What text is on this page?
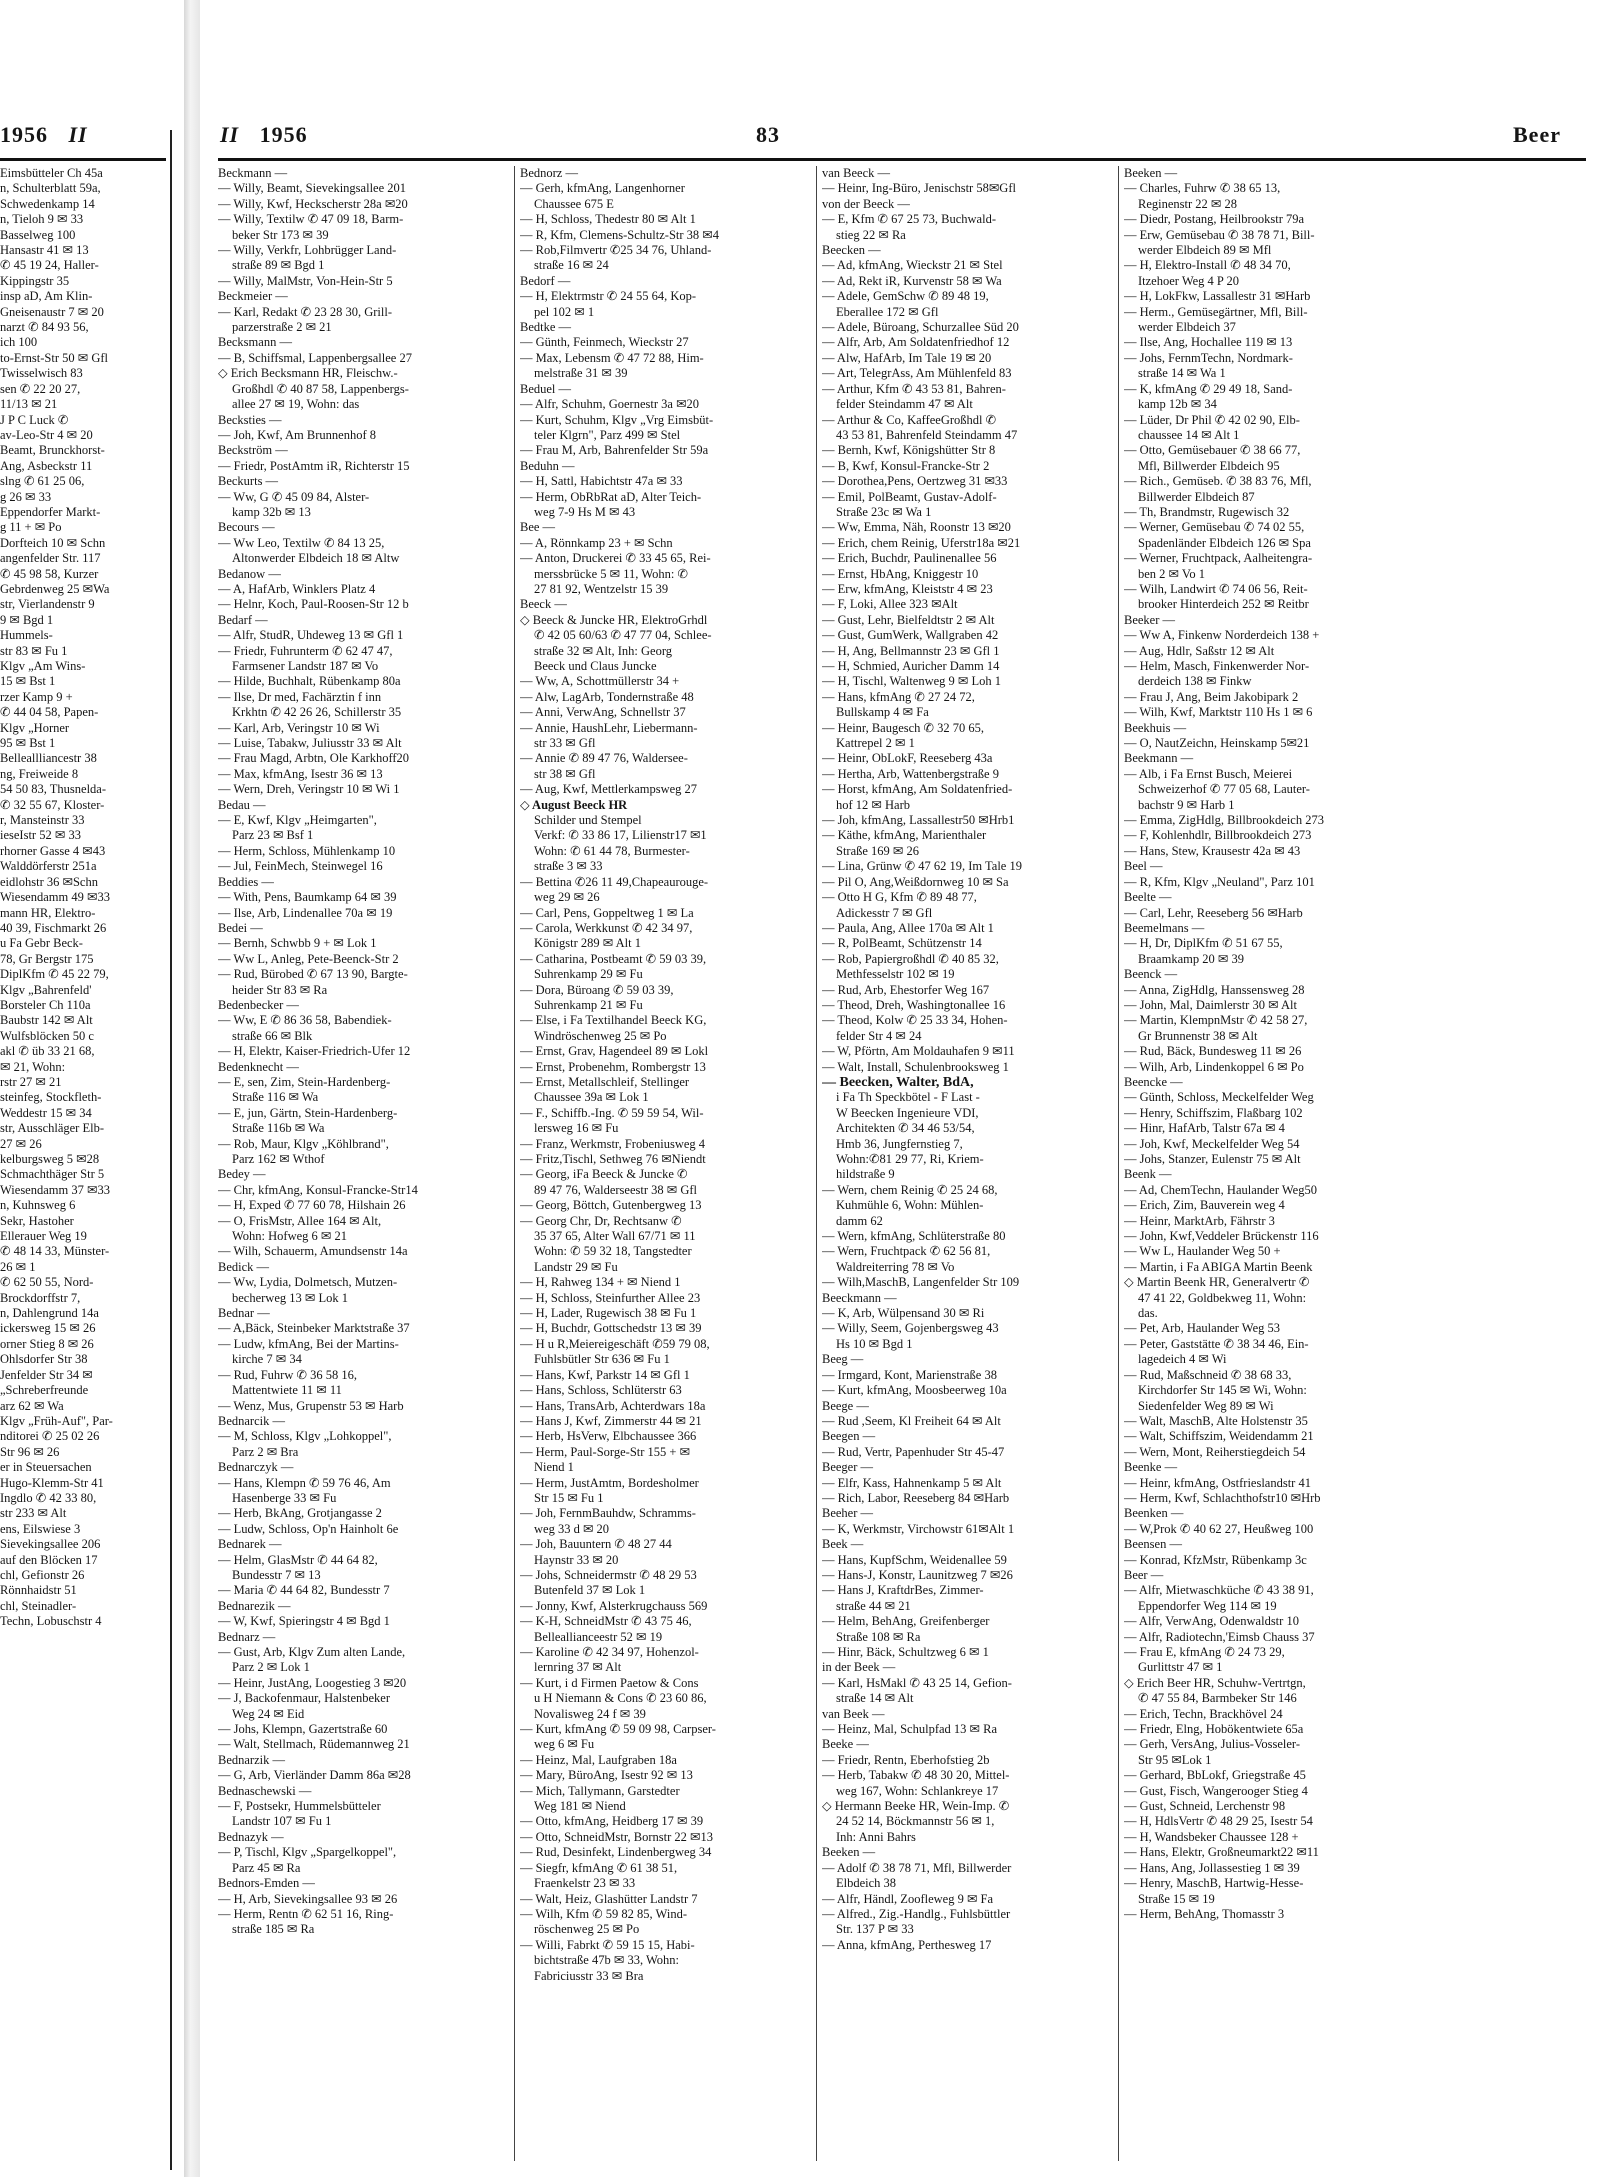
1956 II
Eimsbütteler Ch 45a
n, Schulterblatt 59a,
Schwedenkamp 14
n, Tieloh 9 ✉ 33
Basselweg 100
Hansastr 41 ✉ 13
✆ 45 19 24, Haller-
Kippingstr 35
insp aD, Am Klin-
Gneisenaustr 7 ✉ 20
narzt ✆ 84 93 56,
ich 100
to-Ernst-Str 50 ✉ Gfl
Twisselwisch 83
sen ✆ 22 20 27,
11/13 ✉ 21
J P C Luck ✆
av-Leo-Str 4 ✉ 20
Beamt, Brunckhorst-
Ang, Asbeckstr 11
slng ✆ 61 25 06,
g 26 ✉ 33
Eppendorfer Markt-
g 11 + ✉ Po
Dorfteich 10 ✉ Schn
angenfelder Str. 117
✆ 45 98 58, Kurzer
Gebrdenweg 25 ✉Wa
str, Vierlandenstr 9
9 ✉ Bgd 1
Hummels-
str 83 ✉ Fu 1
Klgv „Am Wins-
15 ✉ Bst 1
rzer Kamp 9 +
✆ 44 04 58, Papen-
Klgv „Horner
95 ✉ Bst 1
Belleallliancestr 38
ng, Freiweide 8
54 50 83, Thusnelda-
✆ 32 55 67, Kloster-
r, Mansteinstr 33
ieseIstr 52 ✉ 33
rhorner Gasse 4 ✉43
Walddörferstr 251a
eidlohstr 36 ✉Schn
Wiesendamm 49 ✉33
mann HR, Elektro-
40 39, Fischmarkt 26
u Fa Gebr Beck-
78, Gr Bergstr 175
DiplKfm ✆ 45 22 79,
Klgv „Bahrenfeld'
Borsteler Ch 110a
Baubstr 142 ✉ Alt
Wulfsblöcken 50 c
akl ✆ üb 33 21 68,
✉ 21, Wohn:
rstr 27 ✉ 21
steinfeg, Stockfleth-
Weddestr 15 ✉ 34
str, Ausschläger Elb-
27 ✉ 26
kelburgsweg 5 ✉28
Schmachthäger Str 5
Wiesendamm 37 ✉33
n, Kuhnsweg 6
Sekr, Hastoher
Ellerauer Weg 19
✆ 48 14 33, Münster-
26 ✉ 1
✆ 62 50 55, Nord-
Brockdorffstr 7,
n, Dahlengrund 14a
ickersweg 15 ✉ 26
orner Stieg 8 ✉ 26
Ohlsdorfer Str 38
Jenfelder Str 34 ✉
„Schreberfreunde
arz 62 ✉ Wa
Klgv „Früh-Auf", Par-
nditorei ✆ 25 02 26
Str 96 ✉ 26
er in Steuersachen
Hugo-Klemm-Str 41
Ingdlo ✆ 42 33 80,
str 233 ✉ Alt
ens, Eilswiese 3
Sievekingsallee 206
auf den Blöcken 17
chl, Gefionstr 26
Rönnhaidstr 51
chl, Steinadler-
Techn, Lobuschstr 4
II 1956	83	Beer
Beckmann —
— Willy, Beamt, Sievekingsallee 201
— Willy, Kwf, Heckscherstr 28a ✉20
— Willy, Textilw ✆ 47 09 18, Barm-
beker Str 173 ✉ 39
— Willy, Verkfr, Lohbrügger Land-
straße 89 ✉ Bgd 1
— Willy, MalMstr, Von-Hein-Str 5
Beckmeier —
— Karl, Redakt ✆ 23 28 30, Grill-
parzerstraße 2 ✉ 21
Becksmann —
— B, Schiffsmal, Lappenbergsallee 27
◇ Erich Becksmann HR, Fleischw.-
Großhdl ✆ 40 87 58, Lappenbergs-
allee 27 ✉ 19, Wohn: das
Becksties —
— Joh, Kwf, Am Brunnenhof 8
Beckström —
— Friedr, PostAmtm iR, Richterstr 15
Beckurts —
— Ww, G ✆ 45 09 84, Alster-
kamp 32b ✉ 13
Becours —
— Ww Leo, Textilw ✆ 84 13 25,
Altonwerder Elbdeich 18 ✉ Altw
Bedanow —
— A, HafArb, Winklers Platz 4
— Helnr, Koch, Paul-Roosen-Str 12 b
Bedarf —
— Alfr, StudR, Uhdeweg 13 ✉ Gfl 1
— Friedr, Fuhrunterm ✆ 62 47 47,
Farmsener Landstr 187 ✉ Vo
— Hilde, Buchhalt, Rübenkamp 80a
— Ilse, Dr med, Fachärztin f inn
Krkhtn ✆ 42 26 26, Schillerstr 35
— Karl, Arb, Veringstr 10 ✉ Wi
— Luise, Tabakw, Juliusstr 33 ✉ Alt
— Frau Magd, Arbtn, Ole Karkhoff20
— Max, kfmAng, Isestr 36 ✉ 13
— Wern, Dreh, Veringstr 10 ✉ Wi 1
Bedau —
— E, Kwf, Klgv „Heimgarten",
Parz 23 ✉ Bsf 1
— Herm, Schloss, Mühlenkamp 10
— Jul, FeinMech, Steinwegel 16
Beddies —
— With, Pens, Baumkamp 64 ✉ 39
— Ilse, Arb, Lindenallee 70a ✉ 19
Bedei —
— Bernh, Schwbb 9 + ✉ Lok 1
— Ww L, Anleg, Pete-Beenck-Str 2
— Rud, Bürobed ✆ 67 13 90, Bargte-
heider Str 83 ✉ Ra
Bedenbecker —
— Ww, E ✆ 86 36 58, Babendiek-
straße 66 ✉ Blk
— H, Elektr, Kaiser-Friedrich-Ufer 12
Bedenknecht —
— E, sen, Zim, Stein-Hardenberg-
Straße 116 ✉ Wa
— E, jun, Gärtn, Stein-Hardenberg-
Straße 116b ✉ Wa
— Rob, Maur, Klgv „Köhlbrand",
Parz 162 ✉ Wthof
Bedey —
— Chr, kfmAng, Konsul-Francke-Str14
— H, Exped ✆ 77 60 78, Hilshain 26
— O, FrisMstr, Allee 164 ✉ Alt,
Wohn: Hofweg 6 ✉ 21
— Wilh, Schauerm, Amundsenstr 14a
Bedick —
— Ww, Lydia, Dolmetsch, Mutzen-
becherweg 13 ✉ Lok 1
Bednar —
— A,Bäck, Steinbeker Marktstraße 37
— Ludw, kfmAng, Bei der Martins-
kirche 7 ✉ 34
— Rud, Fuhrw ✆ 36 58 16,
Mattentwiete 11 ✉ 11
— Wenz, Mus, Grupenstr 53 ✉ Harb
Bednarcik —
— M, Schloss, Klgv „Lohkoppel",
Parz 2 ✉ Bra
Bednarczyk —
— Hans, Klempn ✆ 59 76 46, Am
Hasenberge 33 ✉ Fu
— Herb, BkAng, Grotjangasse 2
— Ludw, Schloss, Op'n Hainholt 6e
Bednarek —
— Helm, GlasMstr ✆ 44 64 82,
Bundesstr 7 ✉ 13
— Maria ✆ 44 64 82, Bundesstr 7
Bednarezik —
— W, Kwf, Spieringstr 4 ✉ Bgd 1
Bednarz —
— Gust, Arb, Klgv Zum alten Lande,
Parz 2 ✉ Lok 1
— Heinr, JustAng, Loogestieg 3 ✉20
— J, Backofenmaur, Halstenbeker
Weg 24 ✉ Eid
— Johs, Klempn, Gazertstraße 60
— Walt, Stellmach, Rüdemannweg 21
Bednarzik —
— G, Arb, Vierländer Damm 86a ✉28
Bednaschewski —
— F, Postsekr, Hummelsbütteler
Landstr 107 ✉ Fu 1
Bednazyk —
— P, Tischl, Klgv „Spargelkoppel",
Parz 45 ✉ Ra
Bednors-Emden —
— H, Arb, Sievekingsallee 93 ✉ 26
— Herm, Rentn ✆ 62 51 16, Ring-
straße 185 ✉ Ra
Bednorz —
— Gerh, kfmAng, Langenhorner
Chaussee 675 E
— H, Schloss, Thedestr 80 ✉ Alt 1
— R, Kfm, Clemens-Schultz-Str 38 ✉4
— Rob,Filmvertr ✆25 34 76, Uhland-
straße 16 ✉ 24
Bedorf —
— H, Elektrmstr ✆ 24 55 64, Kop-
pel 102 ✉ 1
Bedtke —
— Günth, Feinmech, Wieckstr 27
— Max, Lebensm ✆ 47 72 88, Him-
melstraße 31 ✉ 39
Beduel —
— Alfr, Schuhm, Goernestr 3a ✉20
— Kurt, Schuhm, Klgv „Vrg Eimsbüt-
teler Klgrn", Parz 499 ✉ Stel
— Frau M, Arb, Bahrenfelder Str 59a
Beduhn —
— H, Sattl, Habichtstr 47a ✉ 33
— Herm, ObRbRat aD, Alter Teich-
weg 7-9 Hs M ✉ 43
Bee —
— A, Rönnkamp 23 + ✉ Schn
— Anton, Druckerei ✆ 33 45 65, Rei-
merssbrücke 5 ✉ 11, Wohn: ✆
27 81 92, Wentzelstr 15 39
Beeck —
◇ Beeck & Juncke HR, ElektroGrhdl
✆ 42 05 60/63 ✆ 47 77 04, Schlee-
straße 32 ✉ Alt, Inh: Georg
Beeck und Claus Juncke
— Ww, A, Schottmüllerstr 34 +
— Alw, LagArb, Tondernstraße 48
— Anni, VerwAng, Schnellstr 37
— Annie, HaushLehr, Liebermann-
str 33 ✉ Gfl
— Annie ✆ 89 47 76, Waldersee-
str 38 ✉ Gfl
— Aug, Kwf, Mettlerkampsweg 27
◇ August Beeck HR
Schilder und Stempel
Verkf: ✆ 33 86 17, Lilienstr17 ✉1
Wohn: ✆ 61 44 78, Burmester-
straße 3 ✉ 33
— Bettina ✆26 11 49,Chapeaurouge-
weg 29 ✉ 26
— Carl, Pens, Goppeltweg 1 ✉ La
— Carola, Werkkunst ✆ 42 34 97,
Königstr 289 ✉ Alt 1
— Catharina, Postbeamt ✆ 59 03 39,
Suhrenkamp 29 ✉ Fu
— Dora, Büroang ✆ 59 03 39,
Suhrenkamp 21 ✉ Fu
— Else, i Fa Textilhandel Beeck KG,
Windröschenweg 25 ✉ Po
— Ernst, Grav, Hagendeel 89 ✉ Lokl
— Ernst, Probenehm, Rombergstr 13
— Ernst, Metallschleif, Stellinger
Chaussee 39a ✉ Lok 1
— F., Schiffb.-Ing. ✆ 59 59 54, Wil-
lersweg 16 ✉ Fu
— Franz, Werkmstr, Frobeniusweg 4
— Fritz,Tischl, Sethweg 76 ✉Niendt
— Georg, iFa Beeck & Juncke ✆
89 47 76, Walderseestr 38 ✉ Gfl
— Georg, Böttch, Gutenbergweg 13
— Georg Chr, Dr, Rechtsanw ✆
35 37 65, Alter Wall 67/71 ✉ 11
Wohn: ✆ 59 32 18, Tangstedter
Landstr 29 ✉ Fu
— H, Rahweg 134 + ✉ Niend 1
— H, Schloss, Steinfurther Allee 23
— H, Lader, Rugewisch 38 ✉ Fu 1
— H, Buchdr, Gottschedstr 13 ✉ 39
— H u R,Meiereigeschäft ✆59 79 08,
Fuhlsbütler Str 636 ✉ Fu 1
— Hans, Kwf, Parkstr 14 ✉ Gfl 1
— Hans, Schloss, Schlüterstr 63
— Hans, TransArb, Achterdwars 18a
— Hans J, Kwf, Zimmerstr 44 ✉ 21
— Herb, HsVerw, Elbchaussee 366
— Herm, Paul-Sorge-Str 155 + ✉
Niend 1
— Herm, JustAmtm, Bordesholmer
Str 15 ✉ Fu 1
— Joh, FernmBauhdw, Schramms-
weg 33 d ✉ 20
— Joh, Bauuntern ✆ 48 27 44
Haynstr 33 ✉ 20
— Johs, Schneidermstr ✆ 48 29 53
Butenfeld 37 ✉ Lok 1
— Jonny, Kwf, Alsterkrugchauss 569
— K-H, SchneidMstr ✆ 43 75 46,
Belleallianceestr 52 ✉ 19
— Karoline ✆ 42 34 97, Hohenzol-
lernring 37 ✉ Alt
— Kurt, i d Firmen Paetow & Cons
u H Niemann & Cons ✆ 23 60 86,
Novalisweg 24 f ✉ 39
— Kurt, kfmAng ✆ 59 09 98, Carpser-
weg 6 ✉ Fu
— Heinz, Mal, Laufgraben 18a
— Mary, BüroAng, Isestr 92 ✉ 13
— Mich, Tallymann, Garstedter
Weg 181 ✉ Niend
— Otto, kfmAng, Heidberg 17 ✉ 39
— Otto, SchneidMstr, Bornstr 22 ✉13
— Rud, Desinfekt, Lindenbergweg 34
— Siegfr, kfmAng ✆ 61 38 51,
Fraenkelstr 23 ✉ 33
— Walt, Heiz, Glashütter Landstr 7
— Wilh, Kfm ✆ 59 82 85, Wind-
röschenweg 25 ✉ Po
— Willi, Fabrkt ✆ 59 15 15, Habi-
bichtstraße 47b ✉ 33, Wohn:
Fabriciusstr 33 ✉ Bra
van Beeck —
— Heinr, Ing-Büro, Jenischstr 58✉Gfl
von der Beeck —
— E, Kfm ✆ 67 25 73, Buchwald-
stieg 22 ✉ Ra
Beecken —
— Ad, kfmAng, Wieckstr 21 ✉ Stel
— Ad, Rekt iR, Kurvenstr 58 ✉ Wa
— Adele, GemSchw ✆ 89 48 19,
Eberallee 172 ✉ Gfl
— Adele, Büroang, Schurzallee Süd 20
— Alfr, Arb, Am Soldatenfriedhof 12
— Alw, HafArb, Im Tale 19 ✉ 20
— Art, TelegrAss, Am Mühlenfeld 83
— Arthur, Kfm ✆ 43 53 81, Bahren-
felder Steindamm 47 ✉ Alt
— Arthur & Co, KaffeeGroßhdl ✆
43 53 81, Bahrenfeld Steindamm 47
— Bernh, Kwf, Königshütter Str 8
— B, Kwf, Konsul-Francke-Str 2
— Dorothea,Pens, Oertzweg 31 ✉33
— Emil, PolBeamt, Gustav-Adolf-
Straße 23c ✉ Wa 1
— Ww, Emma, Näh, Roonstr 13 ✉20
— Erich, chem Reinig, Uferstr18a ✉21
— Erich, Buchdr, Paulinenallee 56
— Ernst, HbAng, Kniggestr 10
— Erw, kfmAng, Kleiststr 4 ✉ 23
— F, Loki, Allee 323 ✉Alt
— Gust, Lehr, Bielfeldtstr 2 ✉ Alt
— Gust, GumWerk, Wallgraben 42
— H, Ang, Bellmannstr 23 ✉ Gfl 1
— H, Schmied, Auricher Damm 14
— H, Tischl, Waltenweg 9 ✉ Loh 1
— Hans, kfmAng ✆ 27 24 72,
Bullskamp 4 ✉ Fa
— Heinr, Baugesch ✆ 32 70 65,
Kattrepel 2 ✉ 1
— Heinr, ObLokF, Reeseberg 43a
— Hertha, Arb, Wattenbergstraße 9
— Horst, kfmAng, Am Soldatenfried-
hof 12 ✉ Harb
— Joh, kfmAng, Lassallestr50 ✉Hrb1
— Käthe, kfmAng, Marienthaler
Straße 169 ✉ 26
— Lina, Grünw ✆ 47 62 19, Im Tale 19
— Pil O, Ang,Weißdornweg 10 ✉ Sa
— Otto H G, Kfm ✆ 89 48 77,
Adickesstr 7 ✉ Gfl
— Paula, Ang, Allee 170a ✉ Alt 1
— R, PolBeamt, Schützenstr 14
— Rob, Papiergroßhdl ✆ 40 85 32,
Methfesselstr 102 ✉ 19
— Rud, Arb, Ehestorfer Weg 167
— Theod, Dreh, Washingtonallee 16
— Theod, Kolw ✆ 25 33 34, Hohen-
felder Str 4 ✉ 24
— W, Pförtn, Am Moldauhafen 9 ✉11
— Walt, Install, Schulenbrooksweg 1
— Beecken, Walter, BdA,
i Fa Th Speckbötel - F Last -
W Beecken Ingenieure VDI,
Architekten ✆ 34 46 53/54,
Hmb 36, Jungfernstieg 7,
Wohn:✆81 29 77, Ri, Kriem-
hildstraße 9
— Wern, chem Reinig ✆ 25 24 68,
Kuhmühle 6, Wohn: Mühlen-
damm 62
— Wern, kfmAng, Schlüterstraße 80
— Wern, Fruchtpack ✆ 62 56 81,
Waldreiterring 78 ✉ Vo
— Wilh,MaschB, Langenfelder Str 109
Beeckmann —
— K, Arb, Wülpensand 30 ✉ Ri
— Willy, Seem, Gojenbergsweg 43
Hs 10 ✉ Bgd 1
Beeg —
— Irmgard, Kont, Marienstraße 38
— Kurt, kfmAng, Moosbeerweg 10a
Beege —
— Rud ,Seem, Kl Freiheit 64 ✉ Alt
Beegen —
— Rud, Vertr, Papenhuder Str 45-47
Beeger —
— Elfr, Kass, Hahnenkamp 5 ✉ Alt
— Rich, Labor, Reeseberg 84 ✉Harb
Beeher —
— K, Werkmstr, Virchowstr 61✉Alt 1
Beek —
— Hans, KupfSchm, Weidenallee 59
— Hans-J, Konstr, Launitzweg 7 ✉26
— Hans J, KraftdrBes, Zimmer-
straße 44 ✉ 21
— Helm, BehAng, Greifenberger
Straße 108 ✉ Ra
— Hinr, Bäck, Schultzweg 6 ✉ 1
in der Beek —
— Karl, HsMakl ✆ 43 25 14, Gefion-
straße 14 ✉ Alt
van Beek —
— Heinz, Mal, Schulpfad 13 ✉ Ra
Beeke —
— Friedr, Rentn, Eberhofstieg 2b
— Herb, Tabakw ✆ 48 30 20, Mittel-
weg 167, Wohn: Schlankreye 17
◇ Hermann Beeke HR, Wein-Imp. ✆
24 52 14, Böckmannstr 56 ✉ 1,
Inh: Anni Bahrs
Beeken —
— Adolf ✆ 38 78 71, Mfl, Billwerder
Elbdeich 38
— Alfr, Händl, Zoofleweg 9 ✉ Fa
— Alfred., Zig.-Handlg., Fuhlsbüttler
Str. 137 P ✉ 33
— Anna, kfmAng, Perthesweg 17
Beeken —
— Charles, Fuhrw ✆ 38 65 13,
Reginenstr 22 ✉ 28
— Diedr, Postang, Heilbrookstr 79a
— Erw, Gemüsebau ✆ 38 78 71, Bill-
werder Elbdeich 89 ✉ Mfl
— H, Elektro-Install ✆ 48 34 70,
Itzehoer Weg 4 P 20
— H, LokFkw, Lassallestr 31 ✉Harb
— Herm., Gemüsegärtner, Mfl, Bill-
werder Elbdeich 37
— Ilse, Ang, Hochallee 119 ✉ 13
— Johs, FernmTechn, Nordmark-
straße 14 ✉ Wa 1
— K, kfmAng ✆ 29 49 18, Sand-
kamp 12b ✉ 34
— Lüder, Dr Phil ✆ 42 02 90, Elb-
chaussee 14 ✉ Alt 1
— Otto, Gemüsebauer ✆ 38 66 77,
Mfl, Billwerder Elbdeich 95
— Rich., Gemüseb. ✆ 38 83 76, Mfl,
Billwerder Elbdeich 87
— Th, Brandmstr, Rugewisch 32
— Werner, Gemüsebau ✆ 74 02 55,
Spadenländer Elbdeich 126 ✉ Spa
— Werner, Fruchtpack, Aalheitengra-
ben 2 ✉ Vo 1
— Wilh, Landwirt ✆ 74 06 56, Reit-
brooker Hinterdeich 252 ✉ Reitbr
Beeker —
— Ww A, Finkenw Norderdeich 138 +
— Aug, Hdlr, Saßstr 12 ✉ Alt
— Helm, Masch, Finkenwerder Nor-
derdeich 138 ✉ Finkw
— Frau J, Ang, Beim Jakobipark 2
— Wilh, Kwf, Marktstr 110 Hs 1 ✉ 6
Beekhuis —
— O, NautZeichn, Heinskamp 5✉21
Beekmann —
— Alb, i Fa Ernst Busch, Meierei
Schweizerhof ✆ 77 05 68, Lauter-
bachstr 9 ✉ Harb 1
— Emma, ZigHdlg, Billbrookdeich 273
— F, Kohlenhdlr, Billbrookdeich 273
— Hans, Stew, Krausestr 42a ✉ 43
Beel —
— R, Kfm, Klgv „Neuland", Parz 101
Beelte —
— Carl, Lehr, Reeseberg 56 ✉Harb
Beemelmans —
— H, Dr, DiplKfm ✆ 51 67 55,
Braamkamp 20 ✉ 39
Beenck —
— Anna, ZigHdlg, Hanssensweg 28
— John, Mal, Daimlerstr 30 ✉ Alt
— Martin, KlempnMstr ✆ 42 58 27,
Gr Brunnenstr 38 ✉ Alt
— Rud, Bäck, Bundesweg 11 ✉ 26
— Wilh, Arb, Lindenkoppel 6 ✉ Po
Beencke —
— Günth, Schloss, Meckelfelder Weg
— Henry, Schiffszim, Flaßbarg 102
— Hinr, HafArb, Talstr 67a ✉ 4
— Joh, Kwf, Meckelfelder Weg 54
— Johs, Stanzer, Eulenstr 75 ✉ Alt
Beenk —
— Ad, ChemTechn, Haulander Weg50
— Erich, Zim, Bauverein weg 4
— Heinr, MarktArb, Fährstr 3
— John, Kwf,Veddeler Brückenstr 116
— Ww L, Haulander Weg 50 +
— Martin, i Fa ABIGA Martin Beenk
◇ Martin Beenk HR, Generalvertr ✆
47 41 22, Goldbekweg 11, Wohn:
das.
— Pet, Arb, Haulander Weg 53
— Peter, Gaststätte ✆ 38 34 46, Ein-
lagedeich 4 ✉ Wi
— Rud, Maßschneid ✆ 38 68 33,
Kirchdorfer Str 145 ✉ Wi, Wohn:
Siedenfelder Weg 89 ✉ Wi
— Walt, MaschB, Alte Holstenstr 35
— Walt, Schiffszim, Weidendamm 21
— Wern, Mont, Reiherstiegdeich 54
Beenke —
— Heinr, kfmAng, Ostfrieslandstr 41
— Herm, Kwf, Schlachthofstr10 ✉Hrb
Beenken —
— W,Prok ✆ 40 62 27, Heußweg 100
Beensen —
— Konrad, KfzMstr, Rübenkamp 3c
Beer —
— Alfr, Mietwaschküche ✆ 43 38 91,
Eppendorfer Weg 114 ✉ 19
— Alfr, VerwAng, Odenwaldstr 10
— Alfr, Radiotechn,'Eimsb Chauss 37
— Frau E, kfmAng ✆ 24 73 29,
Gurlittstr 47 ✉ 1
◇ Erich Beer HR, Schuhw-Vertrtgn,
✆ 47 55 84, Barmbeker Str 146
— Erich, Techn, Brackhövel 24
— Friedr, Elng, Hobökentwiete 65a
— Gerh, VersAng, Julius-Vosseler-
Str 95 ✉Lok 1
— Gerhard, BbLokf, Griegstraße 45
— Gust, Fisch, Wangerooger Stieg 4
— Gust, Schneid, Lerchenstr 98
— H, HdlsVertr ✆ 48 29 25, Isestr 54
— H, Wandsbeker Chaussee 128 +
— Hans, Elektr, Großneumarkt22 ✉11
— Hans, Ang, Jollassestieg 1 ✉ 39
— Henry, MaschB, Hartwig-Hesse-
Straße 15 ✉ 19
— Herm, BehAng, Thomasstr 3
